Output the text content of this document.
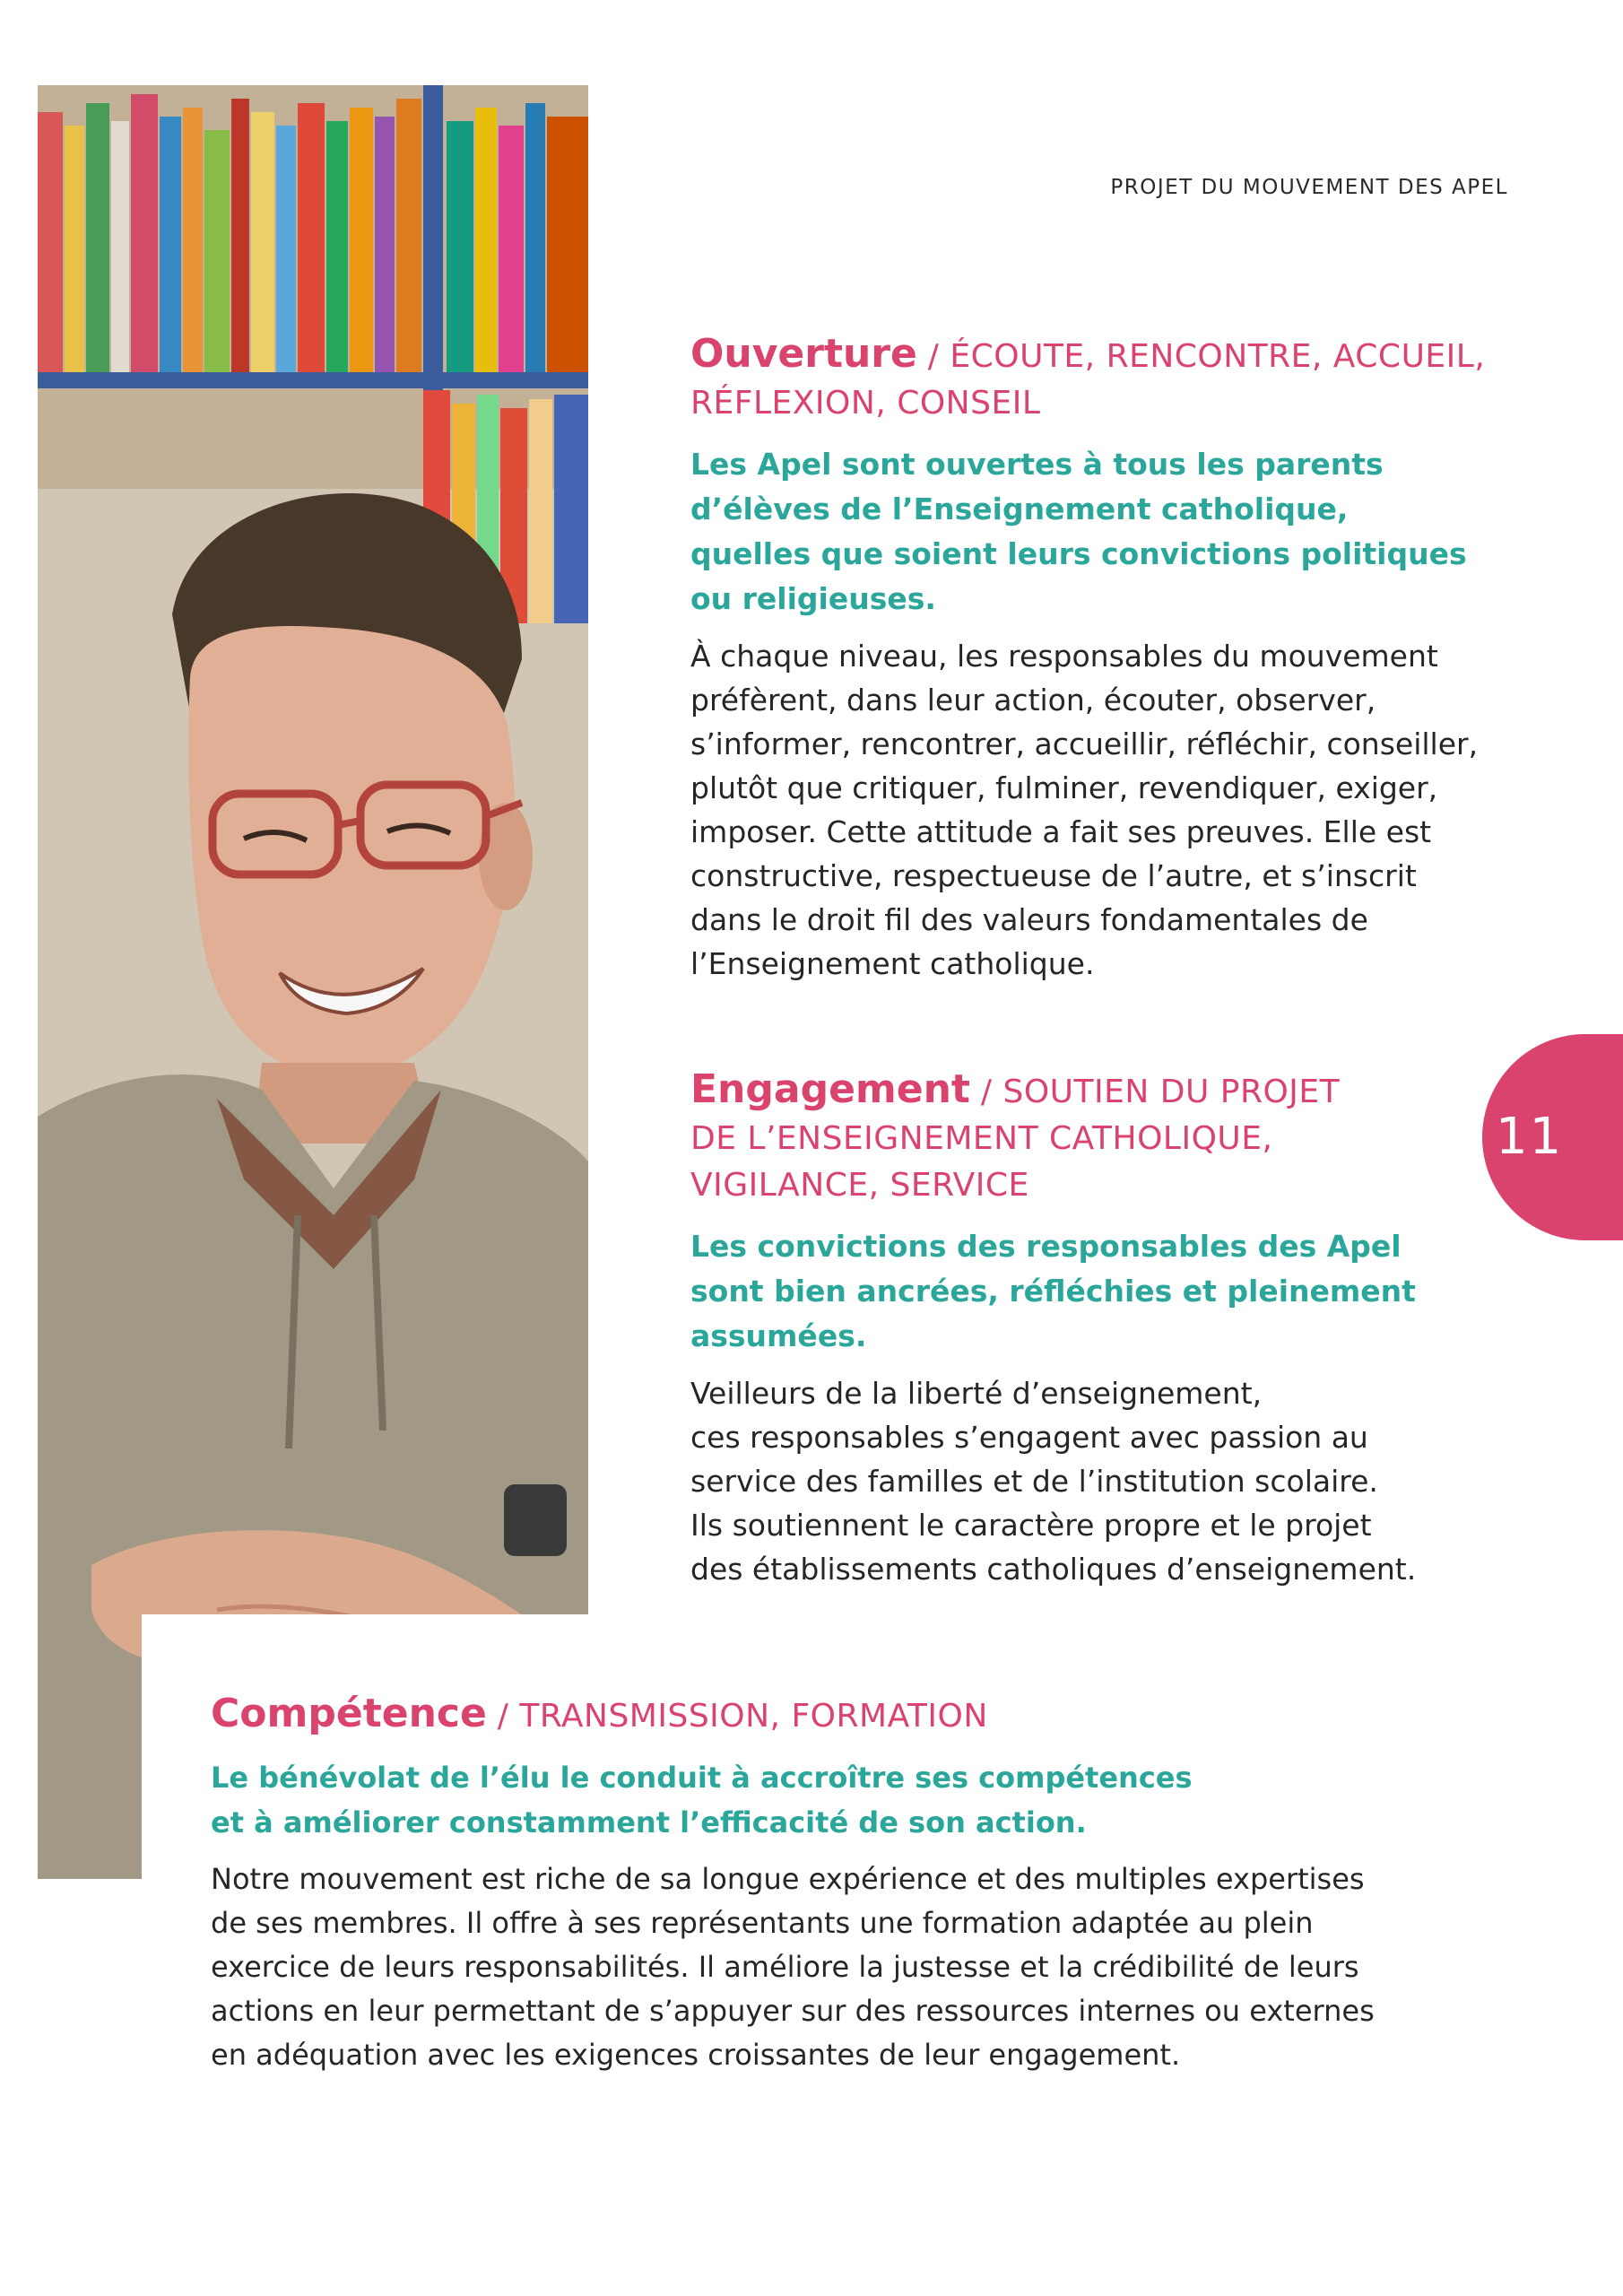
PROJET DU MOUVEMENT DES APEL
11
Ouverture / ÉCOUTE, RENCONTRE, ACCUEIL,
RÉFLEXION, CONSEIL
Les Apel sont ouvertes à tous les parents
d’élèves de l’Enseignement catholique,
quelles que soient leurs convictions politiques
ou religieuses.
À chaque niveau, les responsables du mouvement
préfèrent, dans leur action, écouter, observer,
s’informer, rencontrer, accueillir, réfléchir, conseiller,
plutôt que critiquer, fulminer, revendiquer, exiger,
imposer. Cette attitude a fait ses preuves. Elle est
constructive, respectueuse de l’autre, et s’inscrit
dans le droit fil des valeurs fondamentales de
l’Enseignement catholique.
Engagement / SOUTIEN DU PROJET
DE L’ENSEIGNEMENT CATHOLIQUE,
VIGILANCE, SERVICE
Les convictions des responsables des Apel
sont bien ancrées, réfléchies et pleinement
assumées.
Veilleurs de la liberté d’enseignement,
ces responsables s’engagent avec passion au
service des familles et de l’institution scolaire.
Ils soutiennent le caractère propre et le projet
des établissements catholiques d’enseignement.
Compétence / TRANSMISSION, FORMATION
Le bénévolat de l’élu le conduit à accroître ses compétences
et à améliorer constamment l’efficacité de son action.
Notre mouvement est riche de sa longue expérience et des multiples expertises
de ses membres. Il offre à ses représentants une formation adaptée au plein
exercice de leurs responsabilités. Il améliore la justesse et la crédibilité de leurs
actions en leur permettant de s’appuyer sur des ressources internes ou externes
en adéquation avec les exigences croissantes de leur engagement.
